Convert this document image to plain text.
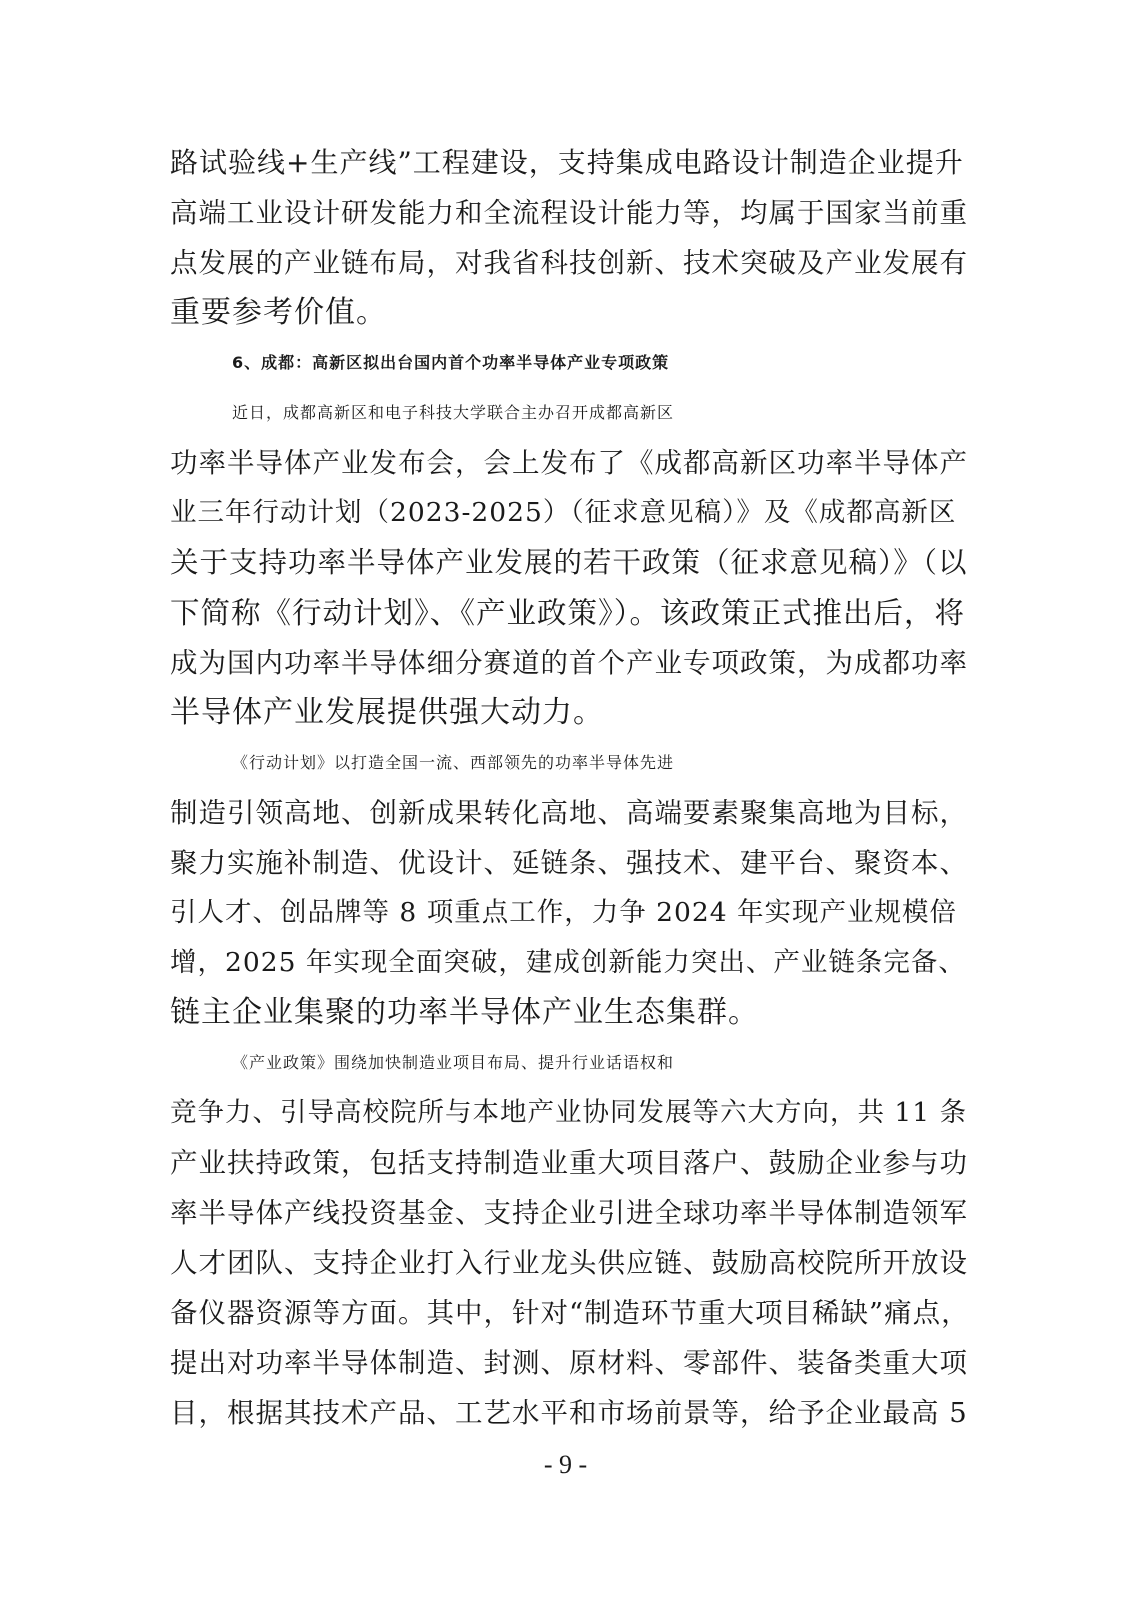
路试验线+生产线”工程建设，支持集成电路设计制造企业提升
高端工业设计研发能力和全流程设计能力等，均属于国家当前重
点发展的产业链布局，对我省科技创新、技术突破及产业发展有
重要参考价值。
6、成都：高新区拟出台国内首个功率半导体产业专项政策
近日，成都高新区和电子科技大学联合主办召开成都高新区
功率半导体产业发布会，会上发布了《成都高新区功率半导体产
业三年行动计划（2023-2025）（征求意见稿）》及《成都高新区
关于支持功率半导体产业发展的若干政策（征求意见稿）》（以
下简称《行动计划》、《产业政策》）。该政策正式推出后，将
成为国内功率半导体细分赛道的首个产业专项政策，为成都功率
半导体产业发展提供强大动力。
《行动计划》以打造全国一流、西部领先的功率半导体先进
制造引领高地、创新成果转化高地、高端要素聚集高地为目标，
聚力实施补制造、优设计、延链条、强技术、建平台、聚资本、
引人才、创品牌等 8 项重点工作，力争 2024 年实现产业规模倍
增，2025 年实现全面突破，建成创新能力突出、产业链条完备、
链主企业集聚的功率半导体产业生态集群。
《产业政策》围绕加快制造业项目布局、提升行业话语权和
竞争力、引导高校院所与本地产业协同发展等六大方向，共 11 条
产业扶持政策，包括支持制造业重大项目落户、鼓励企业参与功
率半导体产线投资基金、支持企业引进全球功率半导体制造领军
人才团队、支持企业打入行业龙头供应链、鼓励高校院所开放设
备仪器资源等方面。其中，针对“制造环节重大项目稀缺”痛点，
提出对功率半导体制造、封测、原材料、零部件、装备类重大项
目，根据其技术产品、工艺水平和市场前景等，给予企业最高 5
- 9 -
